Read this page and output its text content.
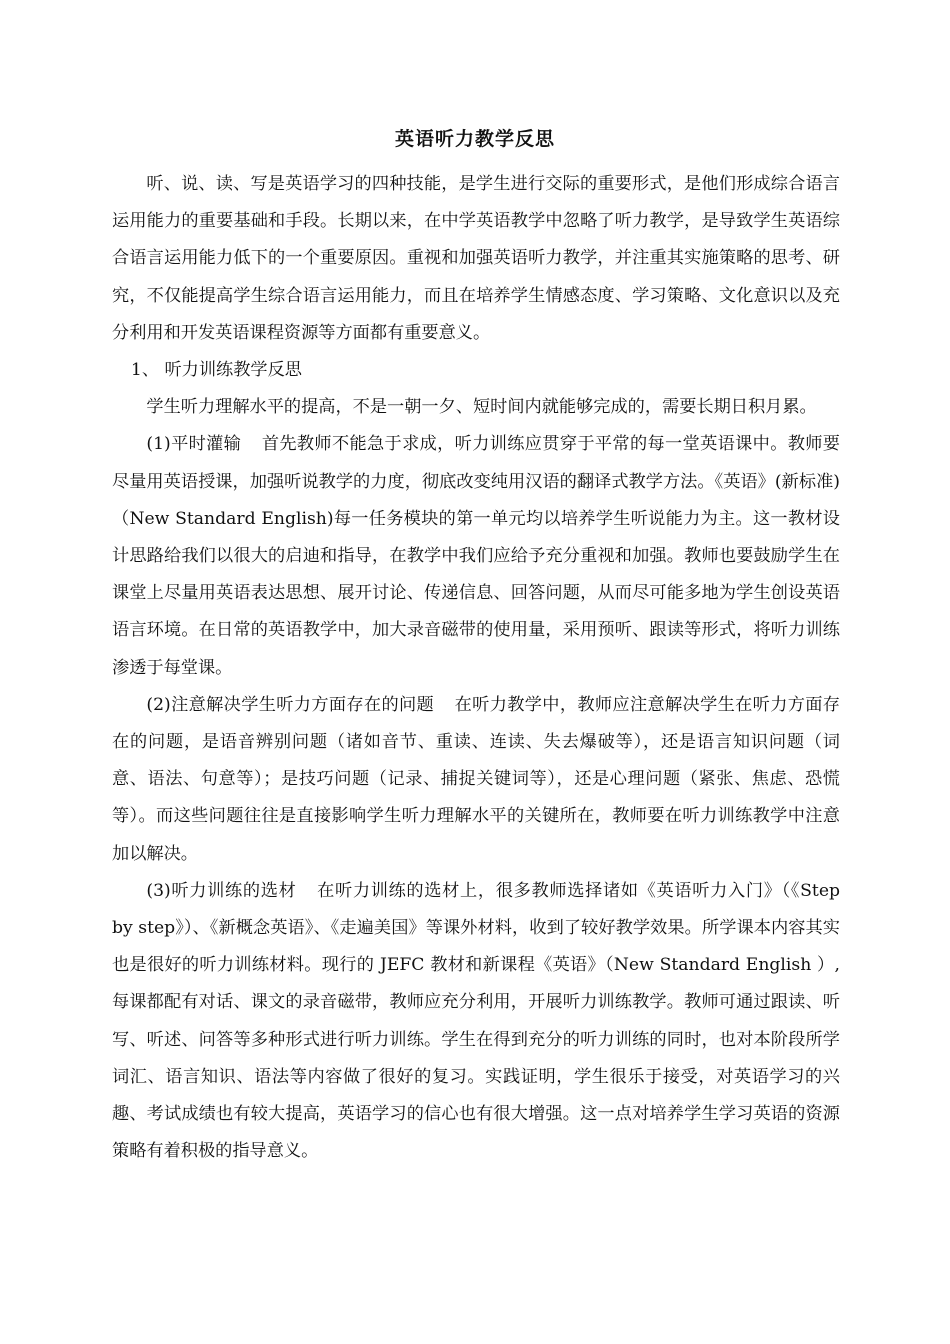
英语听力教学反思

听、说、读、写是英语学习的四种技能，是学生进行交际的重要形式，是他们形成综合语言运用能力的重要基础和手段。长期以来，在中学英语教学中忽略了听力教学，是导致学生英语综合语言运用能力低下的一个重要原因。重视和加强英语听力教学，并注重其实施策略的思考、研究，不仅能提高学生综合语言运用能力，而且在培养学生情感态度、学习策略、文化意识以及充分利用和开发英语课程资源等方面都有重要意义。

1、 听力训练教学反思

学生听力理解水平的提高，不是一朝一夕、短时间内就能够完成的，需要长期日积月累。

(1)平时灌输 首先教师不能急于求成，听力训练应贯穿于平常的每一堂英语课中。教师要尽量用英语授课，加强听说教学的力度，彻底改变纯用汉语的翻译式教学方法。《英语》(新标准)（New Standard English)每一任务模块的第一单元均以培养学生听说能力为主。这一教材设计思路给我们以很大的启迪和指导，在教学中我们应给予充分重视和加强。教师也要鼓励学生在课堂上尽量用英语表达思想、展开讨论、传递信息、回答问题，从而尽可能多地为学生创设英语语言环境。在日常的英语教学中，加大录音磁带的使用量，采用预听、跟读等形式，将听力训练渗透于每堂课。

(2)注意解决学生听力方面存在的问题 在听力教学中，教师应注意解决学生在听力方面存在的问题，是语音辨别问题（诸如音节、重读、连读、失去爆破等），还是语言知识问题（词意、语法、句意等）；是技巧问题（记录、捕捉关键词等），还是心理问题（紧张、焦虑、恐慌等）。而这些问题往往是直接影响学生听力理解水平的关键所在，教师要在听力训练教学中注意加以解决。

(3)听力训练的选材 在听力训练的选材上，很多教师选择诸如《英语听力入门》（《Step by step》）、《新概念英语》、《走遍美国》等课外材料，收到了较好教学效果。所学课本内容其实也是很好的听力训练材料。现行的 JEFC 教材和新课程《英语》（New Standard English ）,每课都配有对话、课文的录音磁带，教师应充分利用，开展听力训练教学。教师可通过跟读、听写、听述、问答等多种形式进行听力训练。学生在得到充分的听力训练的同时，也对本阶段所学词汇、语言知识、语法等内容做了很好的复习。实践证明，学生很乐于接受，对英语学习的兴趣、考试成绩也有较大提高，英语学习的信心也有很大增强。这一点对培养学生学习英语的资源策略有着积极的指导意义。
